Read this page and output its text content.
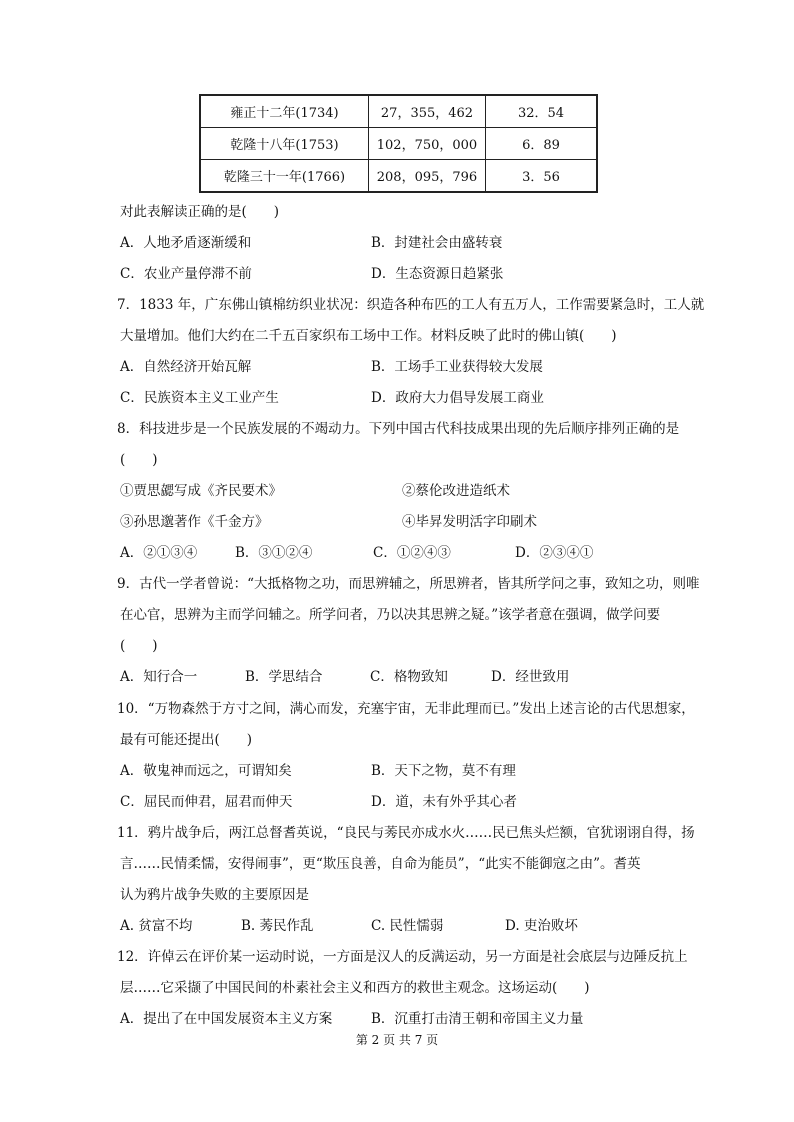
雍正十二年(1734)	27，355，462	32．54
乾隆十八年(1753)	102，750，000	6．89
乾隆三十一年(1766)	208，095，796	3．56
对此表解读正确的是(　　)
A．人地矛盾逐渐缓和	B．封建社会由盛转衰
C．农业产量停滞不前	D．生态资源日趋紧张
7．1833 年，广东佛山镇棉纺织业状况：织造各种布匹的工人有五万人，工作需要紧急时，工人就
大量增加。他们大约在二千五百家织布工场中工作。材料反映了此时的佛山镇(　　)
A．自然经济开始瓦解	B．工场手工业获得较大发展
C．民族资本主义工业产生	D．政府大力倡导发展工商业
8．科技进步是一个民族发展的不竭动力。下列中国古代科技成果出现的先后顺序排列正确的是
(　　)
①贾思勰写成《齐民要术》	②蔡伦改进造纸术
③孙思邈著作《千金方》	④毕昇发明活字印刷术
A．②①③④	B．③①②④	C．①②④③	D．②③④①
9．古代一学者曾说：“大抵格物之功，而思辨辅之，所思辨者，皆其所学问之事，致知之功，则唯
在心官，思辨为主而学问辅之。所学问者，乃以决其思辨之疑。”该学者意在强调，做学问要
(　　)
A．知行合一	B．学思结合	C．格物致知	D．经世致用
10．“万物森然于方寸之间，满心而发，充塞宇宙，无非此理而已。”发出上述言论的古代思想家，
最有可能还提出(　　)
A．敬鬼神而远之，可谓知矣	B．天下之物，莫不有理
C．屈民而伸君，屈君而伸天	D．道，未有外乎其心者
11．鸦片战争后，两江总督耆英说，“良民与莠民亦成水火……民已焦头烂额，官犹诩诩自得，扬
言……民情柔懦，安得闹事”，更“欺压良善，自命为能员”，“此实不能御寇之由”。耆英
认为鸦片战争失败的主要原因是
A. 贫富不均	B. 莠民作乱	C. 民性懦弱	D. 吏治败坏
12．许倬云在评价某一运动时说，一方面是汉人的反满运动，另一方面是社会底层与边陲反抗上
层……它采撷了中国民间的朴素社会主义和西方的救世主观念。这场运动(　　)
A．提出了在中国发展资本主义方案	B．沉重打击清王朝和帝国主义力量
第 2 页 共 7 页
